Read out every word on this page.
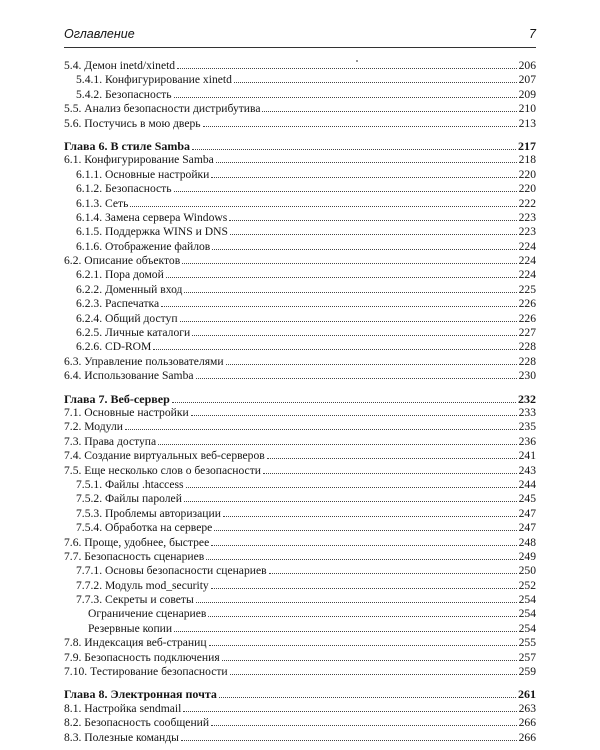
Оглавление	7
5.4. Демон inetd/xinetd	206
5.4.1. Конфигурирование xinetd	207
5.4.2. Безопасность	209
5.5. Анализ безопасности дистрибутива	210
5.6. Постучись в мою дверь	213
Глава 6. В стиле Samba	217
6.1. Конфигурирование Samba	218
6.1.1. Основные настройки	220
6.1.2. Безопасность	220
6.1.3. Сеть	222
6.1.4. Замена сервера Windows	223
6.1.5. Поддержка WINS и DNS	223
6.1.6. Отображение файлов	224
6.2. Описание объектов	224
6.2.1. Пора домой	224
6.2.2. Доменный вход	225
6.2.3. Распечатка	226
6.2.4. Общий доступ	226
6.2.5. Личные каталоги	227
6.2.6. CD-ROM	228
6.3. Управление пользователями	228
6.4. Использование Samba	230
Глава 7. Веб-сервер	232
7.1. Основные настройки	233
7.2. Модули	235
7.3. Права доступа	236
7.4. Создание виртуальных веб-серверов	241
7.5. Еще несколько слов о безопасности	243
7.5.1. Файлы .htaccess	244
7.5.2. Файлы паролей	245
7.5.3. Проблемы авторизации	247
7.5.4. Обработка на сервере	247
7.6. Проще, удобнее, быстрее	248
7.7. Безопасность сценариев	249
7.7.1. Основы безопасности сценариев	250
7.7.2. Модуль mod_security	252
7.7.3. Секреты и советы	254
Ограничение сценариев	254
Резервные копии	254
7.8. Индексация веб-страниц	255
7.9. Безопасность подключения	257
7.10. Тестирование безопасности	259
Глава 8. Электронная почта	261
8.1. Настройка sendmail	263
8.2. Безопасность сообщений	266
8.3. Полезные команды	266
